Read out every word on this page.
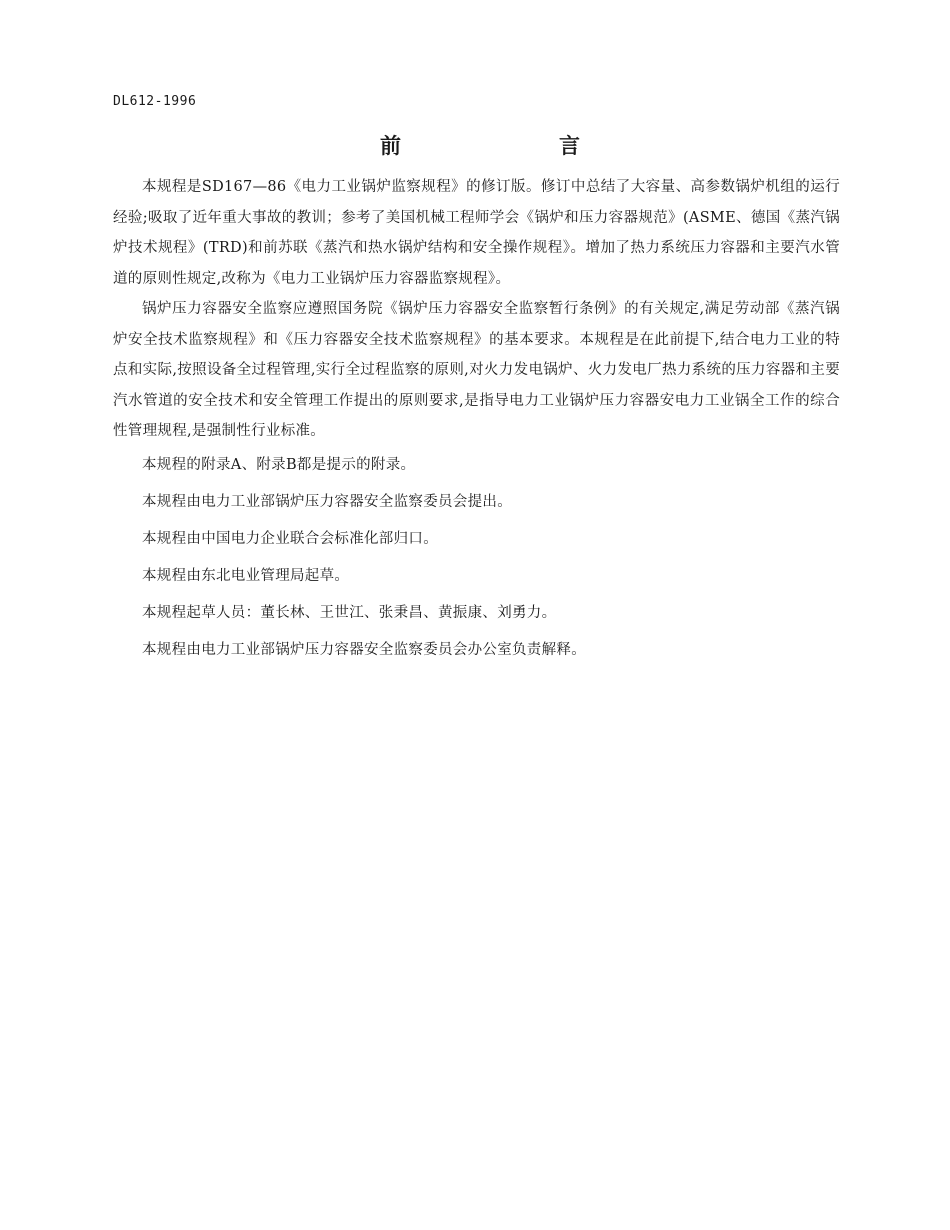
DL612-1996
前	言

本规程是SD167—86《电力工业锅炉监察规程》的修订版。修订中总结了大容量、高参数锅炉机组的运行经验;吸取了近年重大事故的教训；参考了美国机械工程师学会《锅炉和压力容器规范》(ASME、德国《蒸汽锅炉技术规程》(TRD)和前苏联《蒸汽和热水锅炉结构和安全操作规程》。增加了热力系统压力容器和主要汽水管道的原则性规定,改称为《电力工业锅炉压力容器监察规程》。

锅炉压力容器安全监察应遵照国务院《锅炉压力容器安全监察暂行条例》的有关规定,满足劳动部《蒸汽锅炉安全技术监察规程》和《压力容器安全技术监察规程》的基本要求。本规程是在此前提下,结合电力工业的特点和实际,按照设备全过程管理,实行全过程监察的原则,对火力发电锅炉、火力发电厂热力系统的压力容器和主要汽水管道的安全技术和安全管理工作提出的原则要求,是指导电力工业锅炉压力容器安电力工业锅全工作的综合性管理规程,是强制性行业标准。

本规程的附录A、附录B都是提示的附录。

本规程由电力工业部锅炉压力容器安全监察委员会提出。

本规程由中国电力企业联合会标准化部归口。

本规程由东北电业管理局起草。

本规程起草人员：董长林、王世江、张秉昌、黄振康、刘勇力。

本规程由电力工业部锅炉压力容器安全监察委员会办公室负责解释。
